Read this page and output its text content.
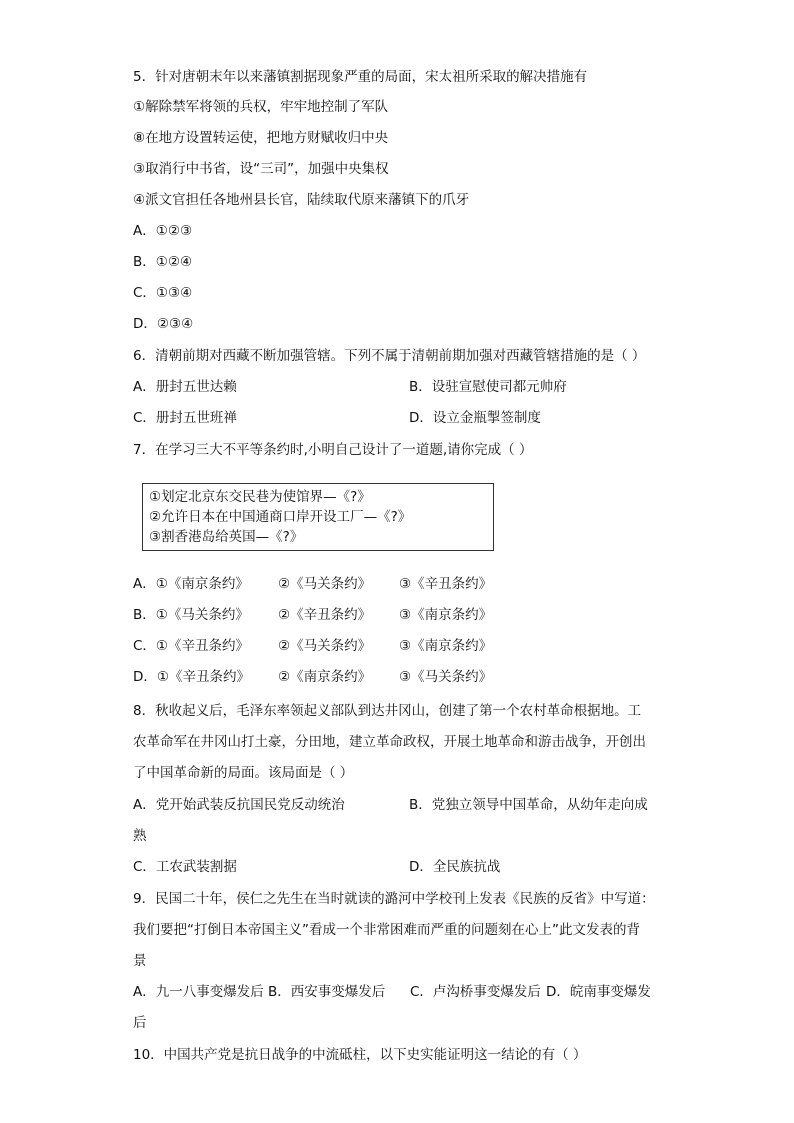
5．针对唐朝末年以来藩镇割据现象严重的局面，宋太祖所采取的解决措施有
①解除禁军将领的兵权，牢牢地控制了军队
⑧在地方设置转运使，把地方财赋收归中央
③取消行中书省，设“三司”，加强中央集权
④派文官担任各地州县长官，陆续取代原来藩镇下的爪牙
A．①②③
B．①②④
C．①③④
D．②③④
6．清朝前期对西藏不断加强管辖。下列不属于清朝前期加强对西藏管辖措施的是（ ）
A．册封五世达赖	B．设驻宣慰使司都元帅府
C．册封五世班禅	D．设立金瓶掣签制度
7．在学习三大不平等条约时,小明自己设计了一道题,请你完成（ ）
①划定北京东交民巷为使馆界—《?》
②允许日本在中国通商口岸开设工厂—《?》
③割香港岛给英国—《?》
A．①《南京条约》 ②《马关条约》 ③《辛丑条约》
B．①《马关条约》 ②《辛丑条约》 ③《南京条约》
C．①《辛丑条约》 ②《马关条约》 ③《南京条约》
D．①《辛丑条约》 ②《南京条约》 ③《马关条约》
8．秋收起义后，毛泽东率领起义部队到达井冈山，创建了第一个农村革命根据地。工
农革命军在井冈山打土豪，分田地，建立革命政权，开展土地革命和游击战争，开创出
了中国革命新的局面。该局面是（ ）
A．党开始武装反抗国民党反动统治	B．党独立领导中国革命，从幼年走向成
熟
C．工农武装割据	D．全民族抗战
9．民国二十年，侯仁之先生在当时就读的潞河中学校刊上发表《民族的反省》中写道：
我们要把“打倒日本帝国主义”看成一个非常困难而严重的问题刻在心上”此文发表的背
景
A．九一八事变爆发后 B．西安事变爆发后 C．卢沟桥事变爆发后 D．皖南事变爆发
后
10．中国共产党是抗日战争的中流砥柱，以下史实能证明这一结论的有（ ）
